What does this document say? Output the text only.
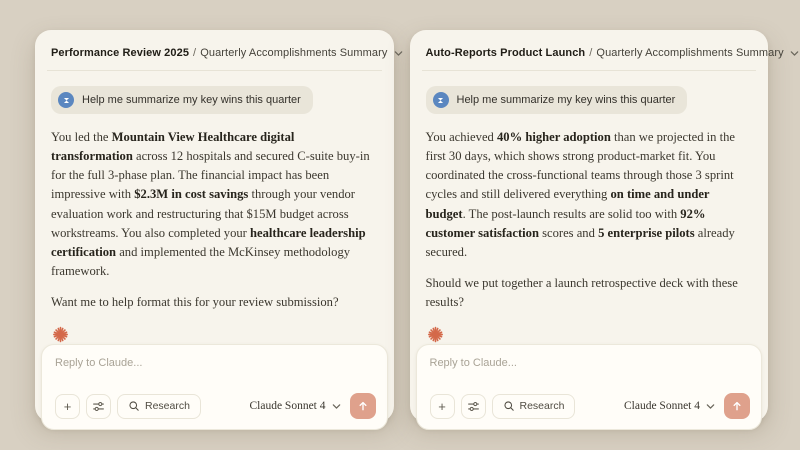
Performance Review 2025 / Quarterly Accomplishments Summary
Help me summarize my key wins this quarter

You led the Mountain View Healthcare digital transformation across 12 hospitals and secured C-suite buy-in for the full 3-phase plan. The financial impact has been impressive with $2.3M in cost savings through your vendor evaluation work and restructuring that $15M budget across workstreams. You also completed your healthcare leadership certification and implemented the McKinsey methodology framework.

Want me to help format this for your review submission?

Reply to Claude...
+	Research	Claude Sonnet 4
Auto-Reports Product Launch / Quarterly Accomplishments Summary
Help me summarize my key wins this quarter

You achieved 40% higher adoption than we projected in the first 30 days, which shows strong product-market fit. You coordinated the cross-functional teams through those 3 sprint cycles and still delivered everything on time and under budget. The post-launch results are solid too with 92% customer satisfaction scores and 5 enterprise pilots already secured.

Should we put together a launch retrospective deck with these results?

Reply to Claude...
+	Research	Claude Sonnet 4
